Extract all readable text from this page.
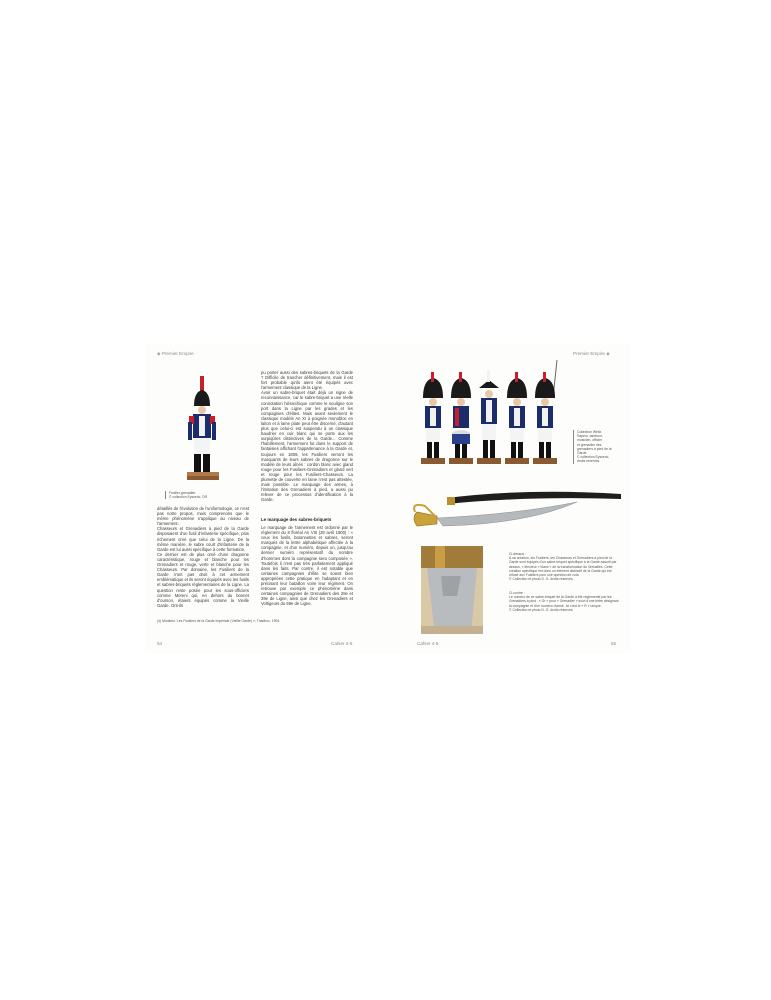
◆ Premier Empire
Fusilier-grenadier.
© collection Eysseric, DR

détaillés de l'évolution de l'uniformologie, ce n'est pas notre propos, mais comprenons que le même phénomène s'applique au niveau de l'armement.

Chasseurs et Grenadiers à pied de la Garde disposaient d'un fusil d'infanterie spécifique, plus richement orné que celui de la Ligne. De la même manière, le sabre court d'infanterie de la Garde est lui aussi spécifique à cette formation.

Ce dernier est de plus orné d'une dragonne caractéristique, rouge et blanche pour les Grenadiers et rouge, verte et blanche pour les Chasseurs. Par domaine, les Fusiliers de la Garde n'ont pas droit à cet armement emblématique et ils seront équipés avec les fusils et sabres-briquets réglementaires de la Ligne. La question reste posée pour les sous-officiers comme Moreni qui, en dehors du bonnet d'ourson, étaient équipés comme la Vieille Garde. Ont-ils

(4) Moniteur 'Les Fusiliers de la Garde Impériale (Vieille Garde) », Thadhoc, 1994.

pu porter aussi des sabres-briquets de la Garde ? Difficile de trancher définitivement, mais il est fort probable qu'ils aient été équipés avec l'armement classique de la Ligne.

Avoir un sabre-briquet était déjà un signe de reconnaissance, car le sabre-briquet a une réelle connotation hiérarchique comme le souligne son port dans la Ligne par les grades et les compagnies d'élites. Mais avant seulement le classique modèle An XI à poignée monobloc en laiton et à lame plate peut être discerné, d'autant plus que celui-ci est suspendu à un classique baudrier en cuir blanc qui se porte aux les surpiqûres distinctives de la Garde... Comme l'habillement, l'armement fut dans le support de fantaisies affichant l'appartenance à la Garde et, toujours en 1809, les Fusiliers verront les marquants de leurs sabres de dragonne sur le modèle de leurs aînés : cordon blanc avec gland rouge pour les Fusiliers-Grenadiers et gland vert et rouge pour les Fusiliers-Chasseurs. La plumette de couverte en laine n'est pas attestée, mais possible. Le marquage des armes, à l'imitation des Grenadiers à pied, a aussi pu relever de ce processus d'identification à la Garde.

Le marquage des sabres-briquets

Le marquage de l'armement est ordonné par le règlement du 8 floréal An VIII (28 avril 1800) : « ceux les fusils, baïonnettes et sabres, seront marqués de la lettre alphabétique affectée à la compagnie, et d'un numéro, depuis un, jusqu'au dernier numéro représentatif du nombre d'hommes dont la compagnie sera composée ». Toutefois il n'est pas très parfaitement appliqué dans les faits. Par contre, il est notable que certaines compagnies d'élite se soient bien appropriées cette pratique en l'adaptant et en précisant leur bataillon voire leur régiment. On retrouve par exemple ce phénomène dans certaines compagnies de Grenadiers des 28e et 39e de Ligne, ainsi que chez les Grenadiers et Voltigeurs du 59e de Ligne.

64	Cahier 4-6	Cahier 4-6	65
Premier Empire ◆
Collection Weltz.
Sapeur, tambour,
musicien, officier
et grenadier des
grenadiers à pied de la
Garde.
© collection Eysseric,
droits réservés.
Ci-dessus :
À sa création, les Fusiliers, les Chasseurs et Grenadiers à pied de la Garde sont équipés d'un sabre-briquet spécifique à la Garde assorti par dessus, « tirecteur » blanc « de la transformation du Versailles. Cette création spécifique est donc un élément distinctif de la Garde qui est refusé aux Fusiliers pour une question de coût.
© Collection et photo D. G. droits réservés.
Ci-contre :
Le numéro de ce sabre-briquet de la Garde a été réglementé par les Grenadiers à pied : « Gr » pour « Grenadier » suivi d'une lettre désignant la compagnie et d'un numéro d'arme. Ici c'est le « R » unique.
© Collection et photo D. G. droits réservés.
